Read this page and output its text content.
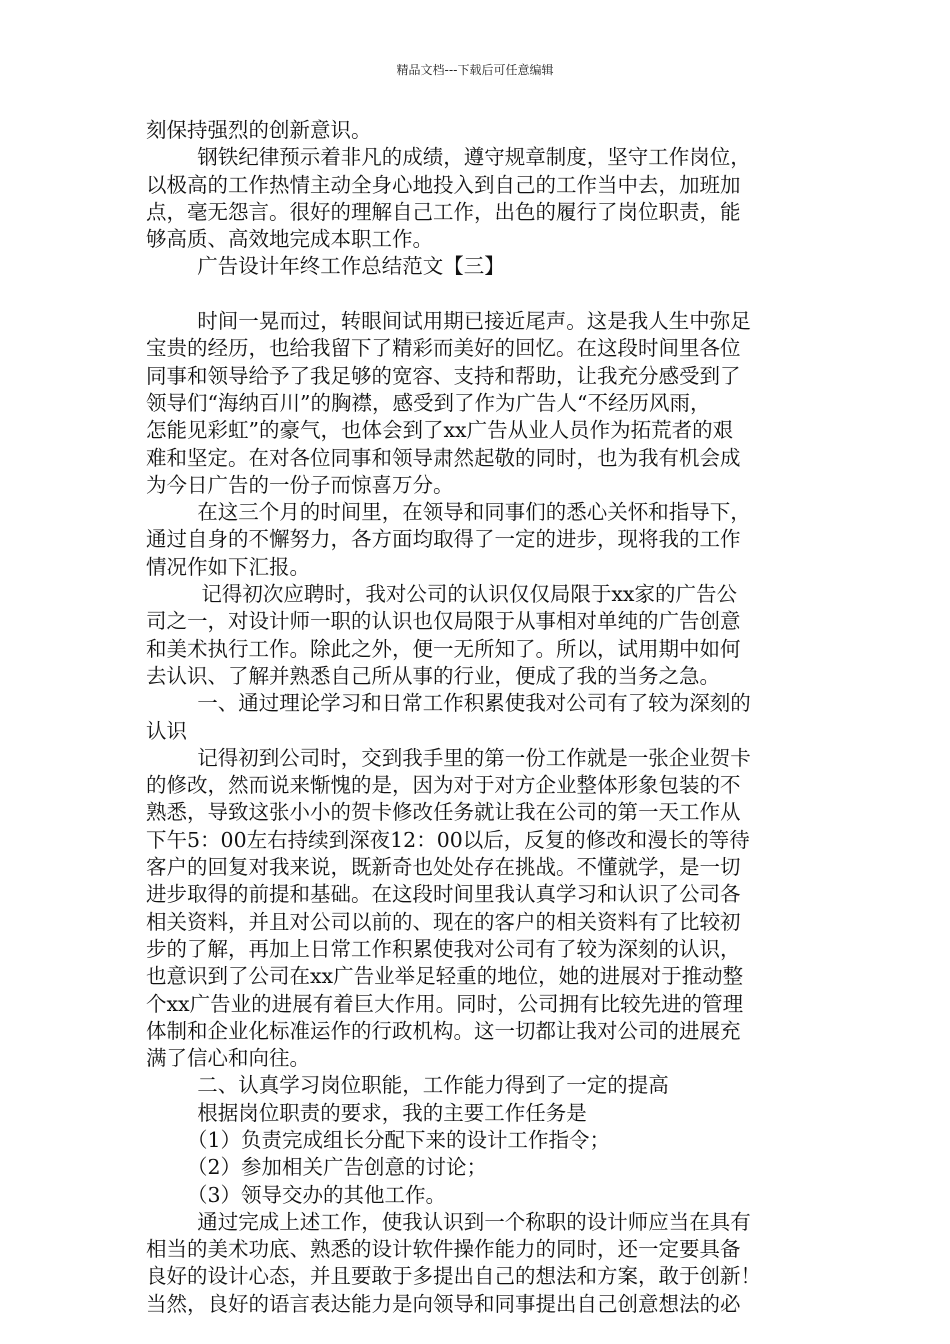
精品文档---下载后可任意编辑
刻保持强烈的创新意识。
钢铁纪律预示着非凡的成绩，遵守规章制度，坚守工作岗位，
以极高的工作热情主动全身心地投入到自己的工作当中去，加班加
点，毫无怨言。很好的理解自己工作，出色的履行了岗位职责，能
够高质、高效地完成本职工作。
广告设计年终工作总结范文【三】
时间一晃而过，转眼间试用期已接近尾声。这是我人生中弥足
宝贵的经历，也给我留下了精彩而美好的回忆。在这段时间里各位
同事和领导给予了我足够的宽容、支持和帮助，让我充分感受到了
领导们“海纳百川”的胸襟，感受到了作为广告人“不经历风雨，
怎能见彩虹”的豪气，也体会到了xx广告从业人员作为拓荒者的艰
难和坚定。在对各位同事和领导肃然起敬的同时，也为我有机会成
为今日广告的一份子而惊喜万分。
在这三个月的时间里，在领导和同事们的悉心关怀和指导下，
通过自身的不懈努力，各方面均取得了一定的进步，现将我的工作
情况作如下汇报。
记得初次应聘时，我对公司的认识仅仅局限于xx家的广告公
司之一，对设计师一职的认识也仅局限于从事相对单纯的广告创意
和美术执行工作。除此之外，便一无所知了。所以，试用期中如何
去认识、了解并熟悉自己所从事的行业，便成了我的当务之急。
一、通过理论学习和日常工作积累使我对公司有了较为深刻的
认识
记得初到公司时，交到我手里的第一份工作就是一张企业贺卡
的修改，然而说来惭愧的是，因为对于对方企业整体形象包装的不
熟悉，导致这张小小的贺卡修改任务就让我在公司的第一天工作从
下午5：00左右持续到深夜12：00以后，反复的修改和漫长的等待
客户的回复对我来说，既新奇也处处存在挑战。不懂就学，是一切
进步取得的前提和基础。在这段时间里我认真学习和认识了公司各
相关资料，并且对公司以前的、现在的客户的相关资料有了比较初
步的了解，再加上日常工作积累使我对公司有了较为深刻的认识，
也意识到了公司在xx广告业举足轻重的地位，她的进展对于推动整
个xx广告业的进展有着巨大作用。同时，公司拥有比较先进的管理
体制和企业化标准运作的行政机构。这一切都让我对公司的进展充
满了信心和向往。
二、认真学习岗位职能，工作能力得到了一定的提高
根据岗位职责的要求，我的主要工作任务是
（1）负责完成组长分配下来的设计工作指令；
（2）参加相关广告创意的讨论；
（3）领导交办的其他工作。
通过完成上述工作，使我认识到一个称职的设计师应当在具有
相当的美术功底、熟悉的设计软件操作能力的同时，还一定要具备
良好的设计心态，并且要敢于多提出自己的想法和方案，敢于创新！
当然，良好的语言表达能力是向领导和同事提出自己创意想法的必
